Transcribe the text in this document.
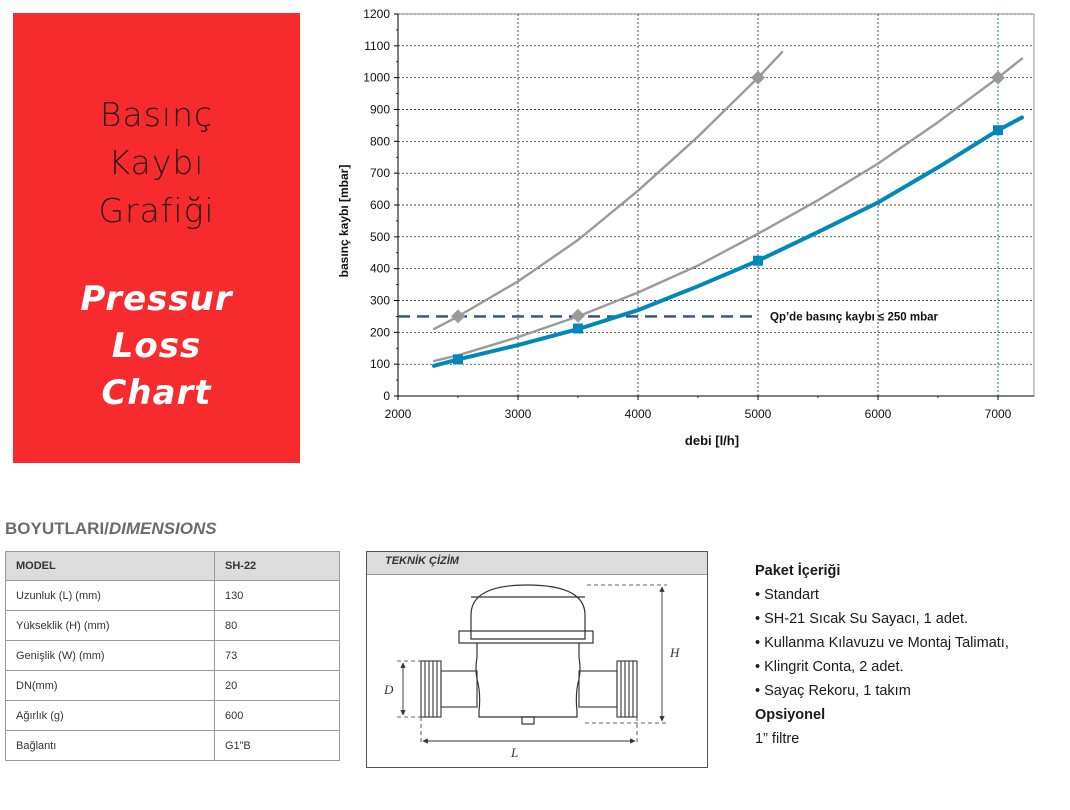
Basınç
Kaybı
Grafiği
Pressur
Loss
Chart	0
100
200
300
400
500
600
700
800
900
1000
1100
1200
2000	3000	4000	5000	6000	7000
debi [l/h]
basınç kaybı [mbar]
Qp’de basınç kaybı ≤ 250 mbar
BOYUTLARI/DIMENSIONS
MODEL	SH-22
Uzunluk (L) (mm)	130
Yükseklik (H) (mm)	80
Genişlik (W) (mm)	73
DN(mm)	20
Ağırlık (g)	600
Bağlantı	G1”B
TEKNİK ÇİZİM
H
D
L
Paket İçeriği
• Standart
• SH-21 Sıcak Su Sayacı, 1 adet.
• Kullanma Kılavuzu ve Montaj Talimatı,
• Klingrit Conta, 2 adet.
• Sayaç Rekoru, 1 takım
Opsiyonel
1” filtre
